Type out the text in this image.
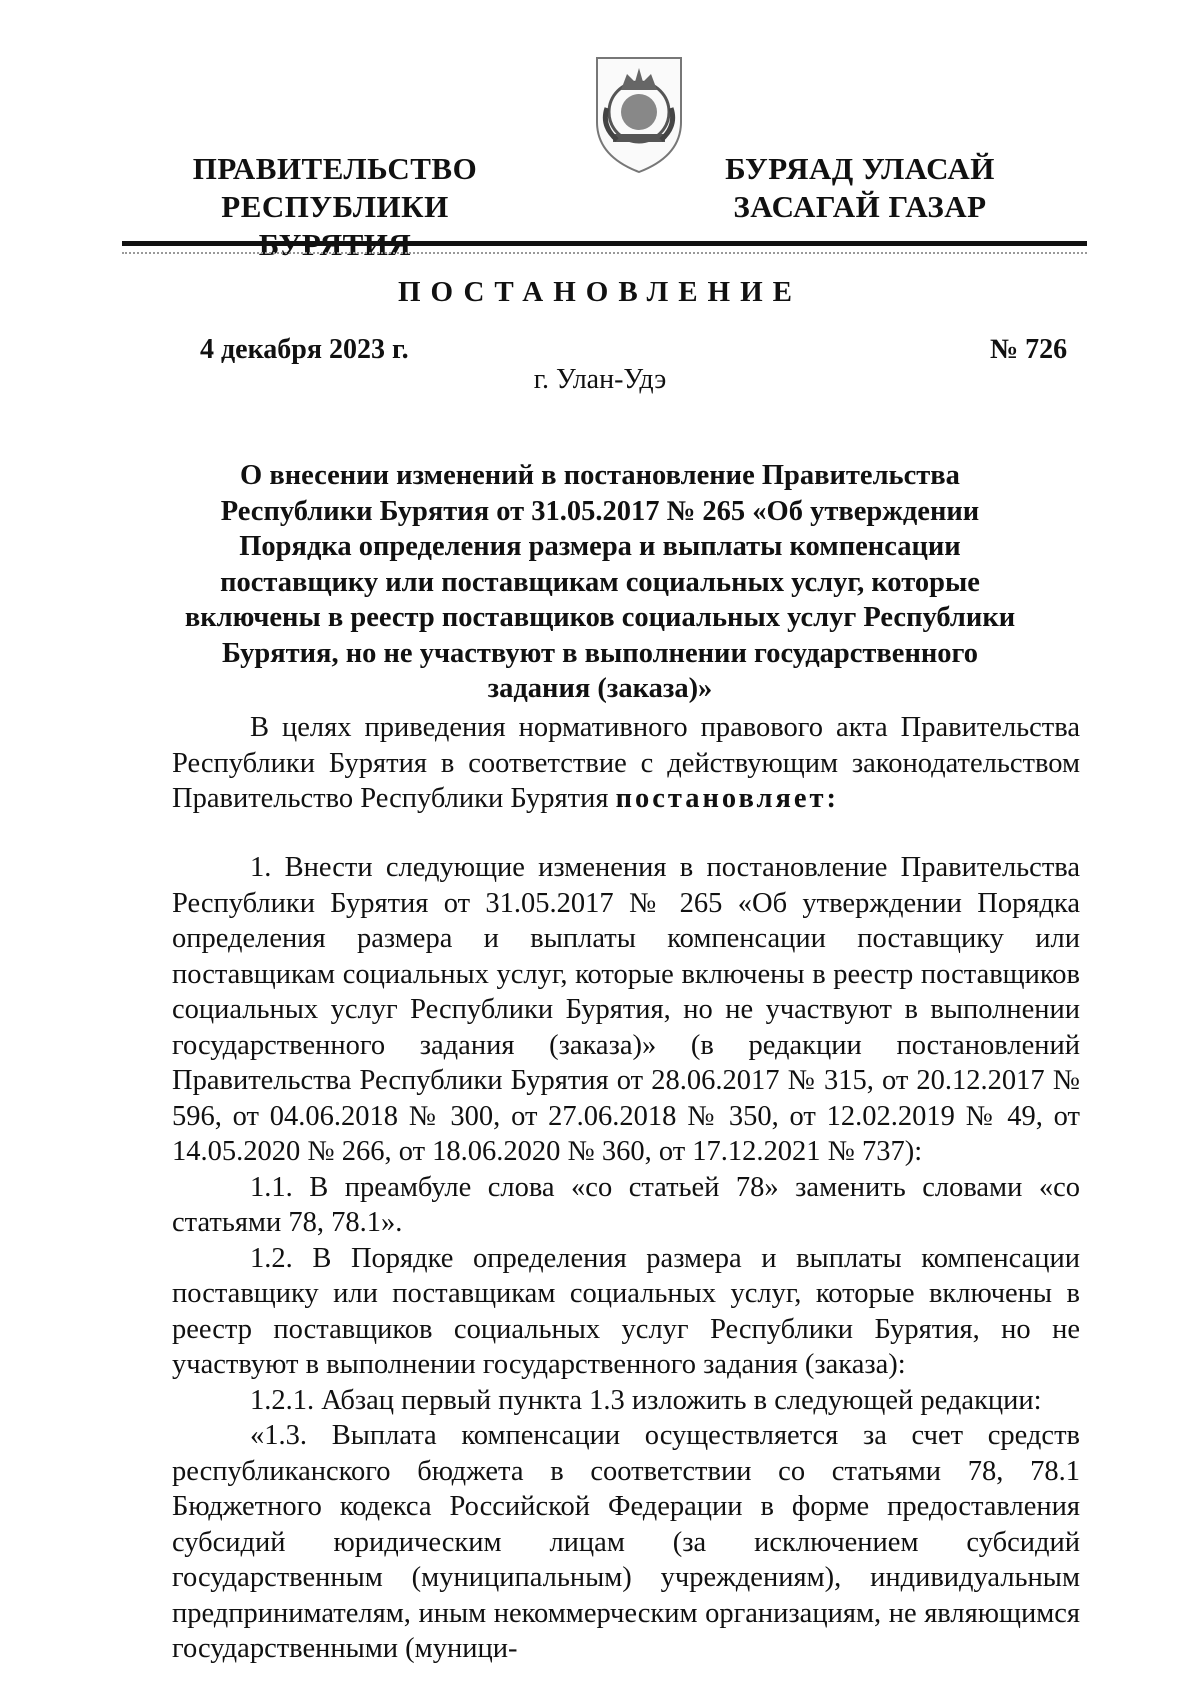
ПРАВИТЕЛЬСТВО
РЕСПУБЛИКИ
БУРЯАД УЛАСАЙ
ЗАСАГАЙ ГАЗАР
ПОСТАНОВЛЕНИЕ
4 декабря 2023 г.	№ 726
г. Улан-Удэ
О внесении изменений в постановление Правительства Республики Бурятия от 31.05.2017 № 265 «Об утверждении Порядка определения размера и выплаты компенсации поставщику или поставщикам социальных услуг, которые включены в реестр поставщиков социальных услуг Республики Бурятия, но не участвуют в выполнении государственного задания (заказа)»

В целях приведения нормативного правового акта Правительства Республики Бурятия в соответствие с действующим законодательством Правительство Республики Бурятия постановляет:

1. Внести следующие изменения в постановление Правительства Республики Бурятия от 31.05.2017 № 265 «Об утверждении Порядка определения размера и выплаты компенсации поставщику или поставщикам социальных услуг, которые включены в реестр поставщиков социальных услуг Республики Бурятия, но не участвуют в выполнении государственного задания (заказа)» (в редакции постановлений Правительства Республики Бурятия от 28.06.2017 № 315, от 20.12.2017 № 596, от 04.06.2018 № 300, от 27.06.2018 № 350, от 12.02.2019 № 49, от 14.05.2020 № 266, от 18.06.2020 № 360, от 17.12.2021 № 737):

1.1. В преамбуле слова «со статьей 78» заменить словами «со статьями 78, 78.1».

1.2. В Порядке определения размера и выплаты компенсации поставщику или поставщикам социальных услуг, которые включены в реестр поставщиков социальных услуг Республики Бурятия, но не участвуют в выполнении государственного задания (заказа):

1.2.1. Абзац первый пункта 1.3 изложить в следующей редакции:

«1.3. Выплата компенсации осуществляется за счет средств республиканского бюджета в соответствии со статьями 78, 78.1 Бюджетного кодекса Российской Федерации в форме предоставления субсидий юридическим лицам (за исключением субсидий государственным (муниципальным) учреждениям), индивидуальным предпринимателям, иным некоммерческим организациям, не являющимся государственными (муници-
